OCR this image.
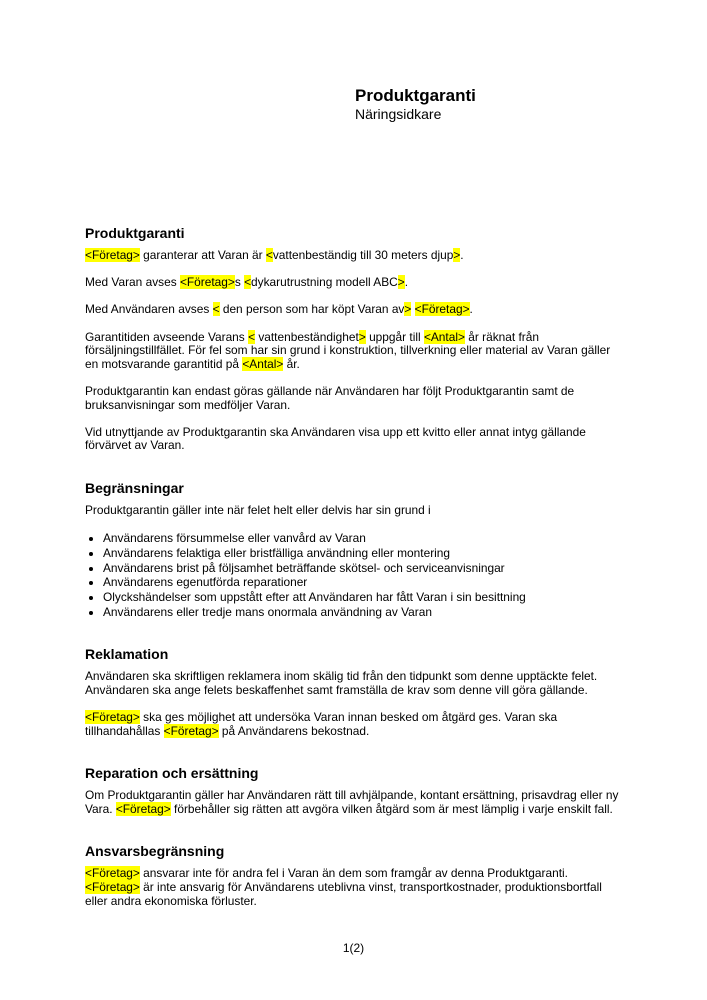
Produktgaranti
Näringsidkare
Produktgaranti

<Företag> garanterar att Varan är <vattenbeständig till 30 meters djup>.

Med Varan avses <Företag>s <dykarutrustning modell ABC>.

Med Användaren avses < den person som har köpt Varan av> <Företag>.

Garantitiden avseende Varans < vattenbeständighet> uppgår till <Antal> år räknat från
försäljningstillfället. För fel som har sin grund i konstruktion, tillverkning eller material av Varan gäller
en motsvarande garantitid på <Antal> år.

Produktgarantin kan endast göras gällande när Användaren har följt Produktgarantin samt de
bruksanvisningar som medföljer Varan.

Vid utnyttjande av Produktgarantin ska Användaren visa upp ett kvitto eller annat intyg gällande
förvärvet av Varan.

Begränsningar

Produktgarantin gäller inte när felet helt eller delvis har sin grund i

• Användarens försummelse eller vanvård av Varan
• Användarens felaktiga eller bristfälliga användning eller montering
• Användarens brist på följsamhet beträffande skötsel- och serviceanvisningar
• Användarens egenutförda reparationer
• Olyckshändelser som uppstått efter att Användaren har fått Varan i sin besittning
• Användarens eller tredje mans onormala användning av Varan
Reklamation

Användaren ska skriftligen reklamera inom skälig tid från den tidpunkt som denne upptäckte felet.
Användaren ska ange felets beskaffenhet samt framställa de krav som denne vill göra gällande.

<Företag> ska ges möjlighet att undersöka Varan innan besked om åtgärd ges. Varan ska
tillhandahållas <Företag> på Användarens bekostnad.

Reparation och ersättning

Om Produktgarantin gäller har Användaren rätt till avhjälpande, kontant ersättning, prisavdrag eller ny
Vara. <Företag> förbehåller sig rätten att avgöra vilken åtgärd som är mest lämplig i varje enskilt fall.

Ansvarsbegränsning

<Företag> ansvarar inte för andra fel i Varan än dem som framgår av denna Produktgaranti.
<Företag> är inte ansvarig för Användarens uteblivna vinst, transportkostnader, produktionsbortfall
eller andra ekonomiska förluster.

1(2)
